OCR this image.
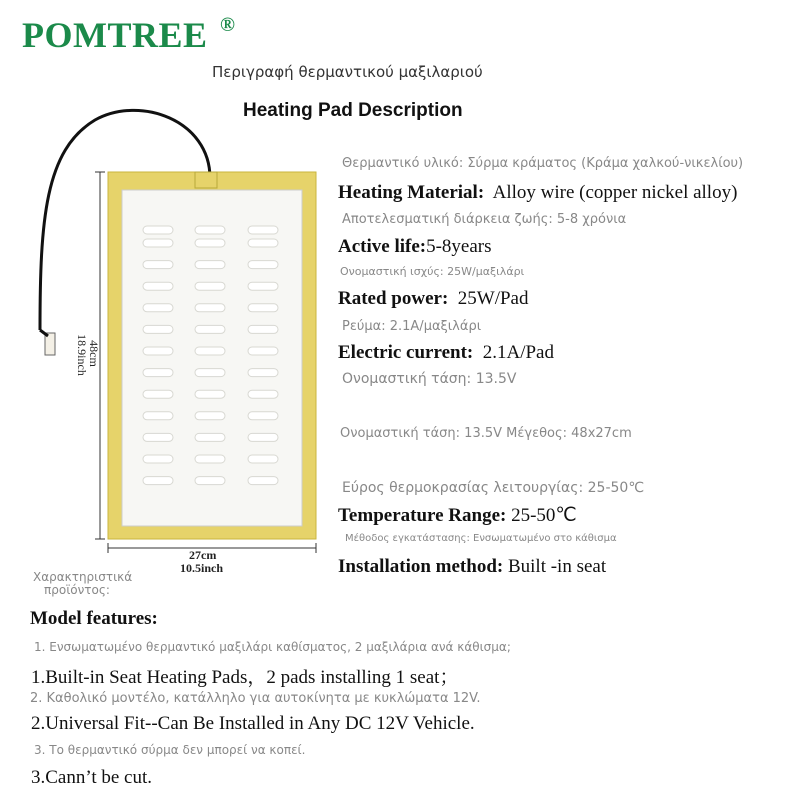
POMTREE ®
Περιγραφή θερμαντικού μαξιλαριού
Heating Pad Description
48cm 18.9inch
27cm
10.5inch
Θερμαντικό υλικό: Σύρμα κράματος (Κράμα χαλκού-νικελίου)
Heating Material: Alloy wire (copper nickel alloy)
Αποτελεσματική διάρκεια ζωής: 5-8 χρόνια
Active life:5-8years
Ονομαστική ισχύς: 25W/μαξιλάρι
Rated power: 25W/Pad
Ρεύμα: 2.1A/μαξιλάρι
Electric current: 2.1A/Pad
Ονομαστική τάση: 13.5V
Ονομαστική τάση: 13.5V Μέγεθος: 48x27cm
Εύρος θερμοκρασίας λειτουργίας: 25-50℃
Temperature Range: 25-50℃
Μέθοδος εγκατάστασης: Ενσωματωμένο στο κάθισμα
Installation method: Built -in seat
Χαρακτηριστικά
προϊόντος:
Model features:
1. Ενσωματωμένο θερμαντικό μαξιλάρι καθίσματος, 2 μαξιλάρια ανά κάθισμα;
1.Built-in Seat Heating Pads，2 pads installing 1 seat；
2. Καθολικό μοντέλο, κατάλληλο για αυτοκίνητα με κυκλώματα 12V.
2.Universal Fit--Can Be Installed in Any DC 12V Vehicle.
3. Το θερμαντικό σύρμα δεν μπορεί να κοπεί.
3.Cann’t be cut.
